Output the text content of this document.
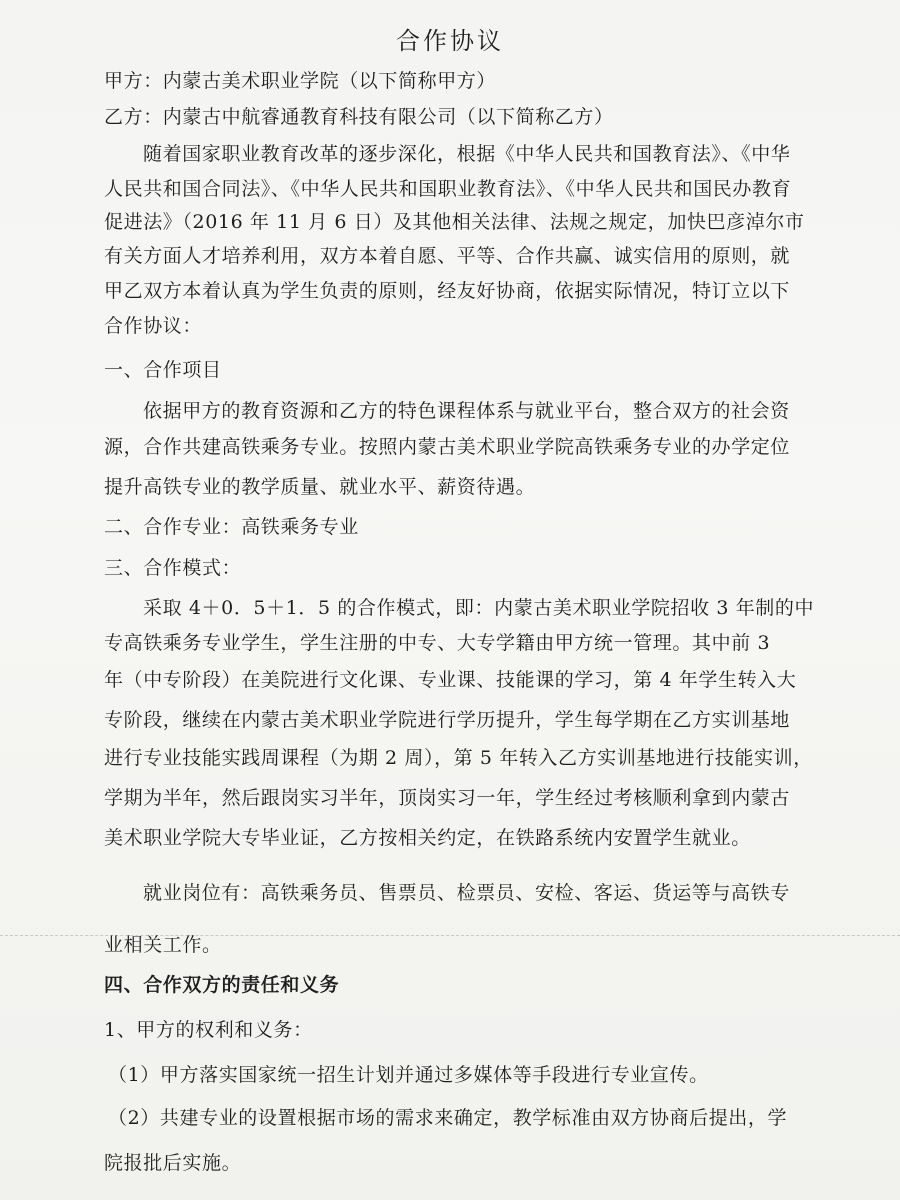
合作协议
甲方：内蒙古美术职业学院（以下简称甲方）
乙方：内蒙古中航睿通教育科技有限公司（以下简称乙方）
随着国家职业教育改革的逐步深化，根据《中华人民共和国教育法》、《中华
人民共和国合同法》、《中华人民共和国职业教育法》、《中华人民共和国民办教育
促进法》（2016 年 11 月 6 日）及其他相关法律、法规之规定，加快巴彦淖尔市
有关方面人才培养利用，双方本着自愿、平等、合作共赢、诚实信用的原则，就
甲乙双方本着认真为学生负责的原则，经友好协商，依据实际情况，特订立以下
合作协议：
一、合作项目
依据甲方的教育资源和乙方的特色课程体系与就业平台，整合双方的社会资
源，合作共建高铁乘务专业。按照内蒙古美术职业学院高铁乘务专业的办学定位
提升高铁专业的教学质量、就业水平、薪资待遇。
二、合作专业：高铁乘务专业
三、合作模式：
采取 4＋0．5＋1．5 的合作模式，即：内蒙古美术职业学院招收 3 年制的中
专高铁乘务专业学生，学生注册的中专、大专学籍由甲方统一管理。其中前 3
年（中专阶段）在美院进行文化课、专业课、技能课的学习，第 4 年学生转入大
专阶段，继续在内蒙古美术职业学院进行学历提升，学生每学期在乙方实训基地
进行专业技能实践周课程（为期 2 周），第 5 年转入乙方实训基地进行技能实训，
学期为半年，然后跟岗实习半年，顶岗实习一年，学生经过考核顺利拿到内蒙古
美术职业学院大专毕业证，乙方按相关约定，在铁路系统内安置学生就业。
就业岗位有：高铁乘务员、售票员、检票员、安检、客运、货运等与高铁专
业相关工作。
四、合作双方的责任和义务
1、甲方的权利和义务：
（1）甲方落实国家统一招生计划并通过多媒体等手段进行专业宣传。
（2）共建专业的设置根据市场的需求来确定，教学标准由双方协商后提出，学
院报批后实施。
